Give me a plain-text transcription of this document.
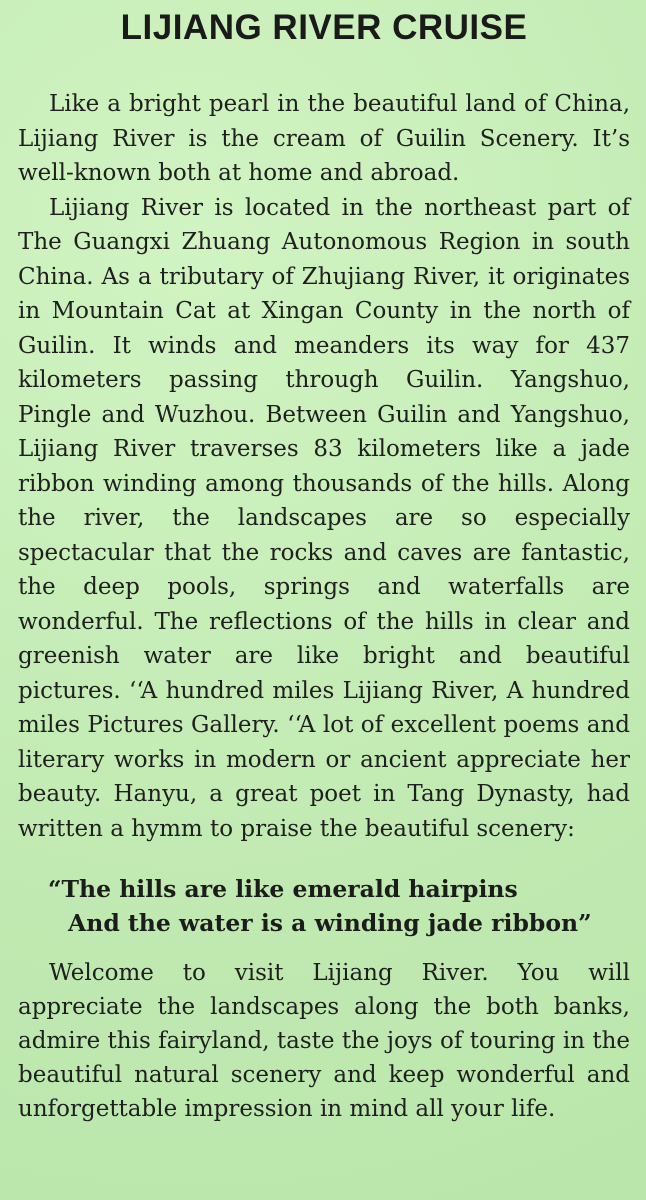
LIJIANG RIVER CRUISE

Like a bright pearl in the beautiful land of China, Lijiang River is the cream of Guilin Scenery. It’s well-known both at home and abroad.

Lijiang River is located in the northeast part of The Guangxi Zhuang Autonomous Region in south China. As a tributary of Zhujiang River, it originates in Mountain Cat at Xingan County in the north of Guilin. It winds and meanders its way for 437 kilometers passing through Guilin. Yangshuo, Pingle and Wuzhou. Between Guilin and Yangshuo, Lijiang River traverses 83 kilometers like a jade ribbon winding among thousands of the hills. Along the river, the landscapes are so especially spectacular that the rocks and caves are fantastic, the deep pools, springs and waterfalls are wonderful. The reflections of the hills in clear and greenish water are like bright and beautiful pictures. ‘‘A hundred miles Lijiang River, A hundred miles Pictures Gallery. ‘‘A lot of excellent poems and literary works in modern or ancient appreciate her beauty. Hanyu, a great poet in Tang Dynasty, had written a hymm to praise the beautiful scenery:

“The hills are like emerald hairpins
And the water is a winding jade ribbon”

Welcome to visit Lijiang River. You will appreciate the landscapes along the both banks, admire this fairyland, taste the joys of touring in the beautiful natural scenery and keep wonderful and unforgettable impression in mind all your life.
